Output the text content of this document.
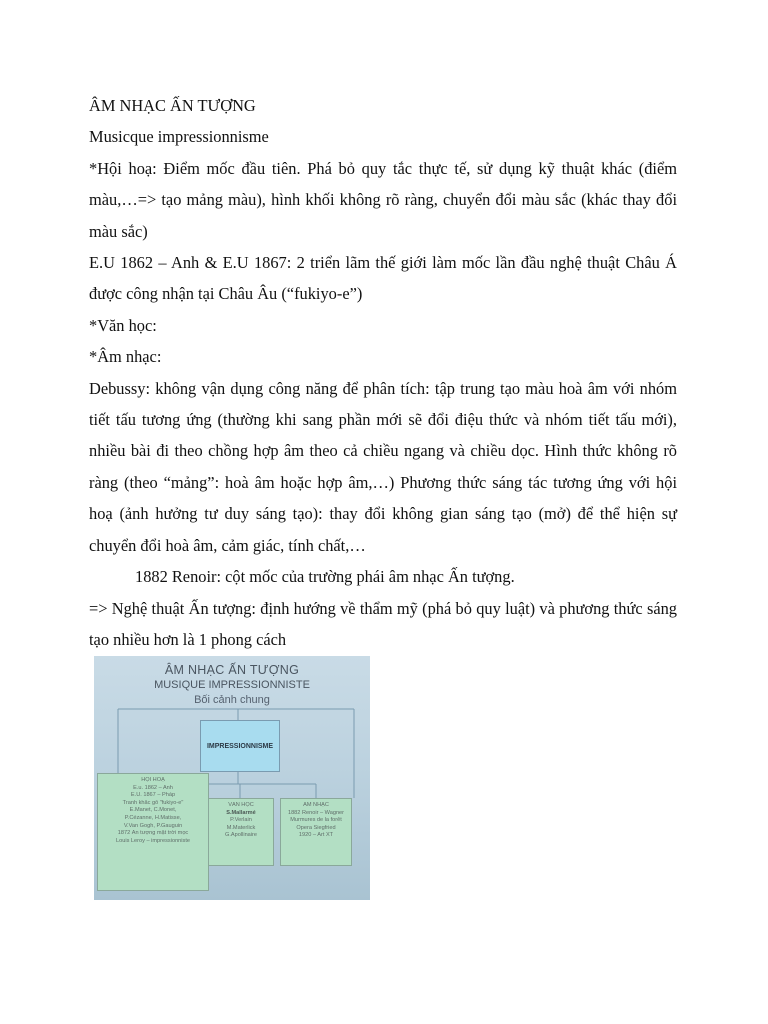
ÂM NHẠC ẤN TƯỢNG

Musicque impressionnisme

*Hội hoạ: Điểm mốc đầu tiên. Phá bỏ quy tắc thực tế, sử dụng kỹ thuật khác (điểm màu,…=> tạo mảng màu), hình khối không rõ ràng, chuyển đổi màu sắc (khác thay đổi màu sắc)

E.U 1862 – Anh & E.U 1867: 2 triển lãm thế giới làm mốc lần đầu nghệ thuật Châu Á được công nhận tại Châu Âu (“fukiyo-e”)

*Văn học:

*Âm nhạc:

Debussy: không vận dụng công năng để phân tích: tập trung tạo màu hoà âm với nhóm tiết tấu tương ứng (thường khi sang phần mới sẽ đổi điệu thức và nhóm tiết tấu mới), nhiều bài đi theo chồng hợp âm theo cả chiều ngang và chiều dọc. Hình thức không rõ ràng (theo “mảng”: hoà âm hoặc hợp âm,…) Phương thức sáng tác tương ứng với hội hoạ (ảnh hưởng tư duy sáng tạo): thay đổi không gian sáng tạo (mở) để thể hiện sự chuyển đổi hoà âm, cảm giác, tính chất,…

1882 Renoir: cột mốc của trường phái âm nhạc Ấn tượng.

=> Nghệ thuật Ấn tượng: định hướng về thẩm mỹ (phá bỏ quy luật) và phương thức sáng tạo nhiều hơn là 1 phong cách

ÂM NHẠC ẤN TƯỢNG
MUSIQUE IMPRESSIONNISTE
Bối cảnh chung
IMPRESSIONNISME
HỘI HOẠ
E.u. 1862 – Anh
E.U. 1867 – Pháp
Tranh khắc gỗ "fukiyo-e"
E.Manet, C.Monet,
P.Cézanne, H.Matisse,
V.Van Gogh, P.Gauguin
1872 Ấn tượng mặt trời mọc
Louis Leroy – impressionniste
VĂN HỌC
S.Mallarmé
P.Verlain
M.Materlick
G.Apollinaire
ÂM NHẠC
1882 Renoir – Wagner
Murmures de la forêt
Opera Siegfried
1920 – Art XT
